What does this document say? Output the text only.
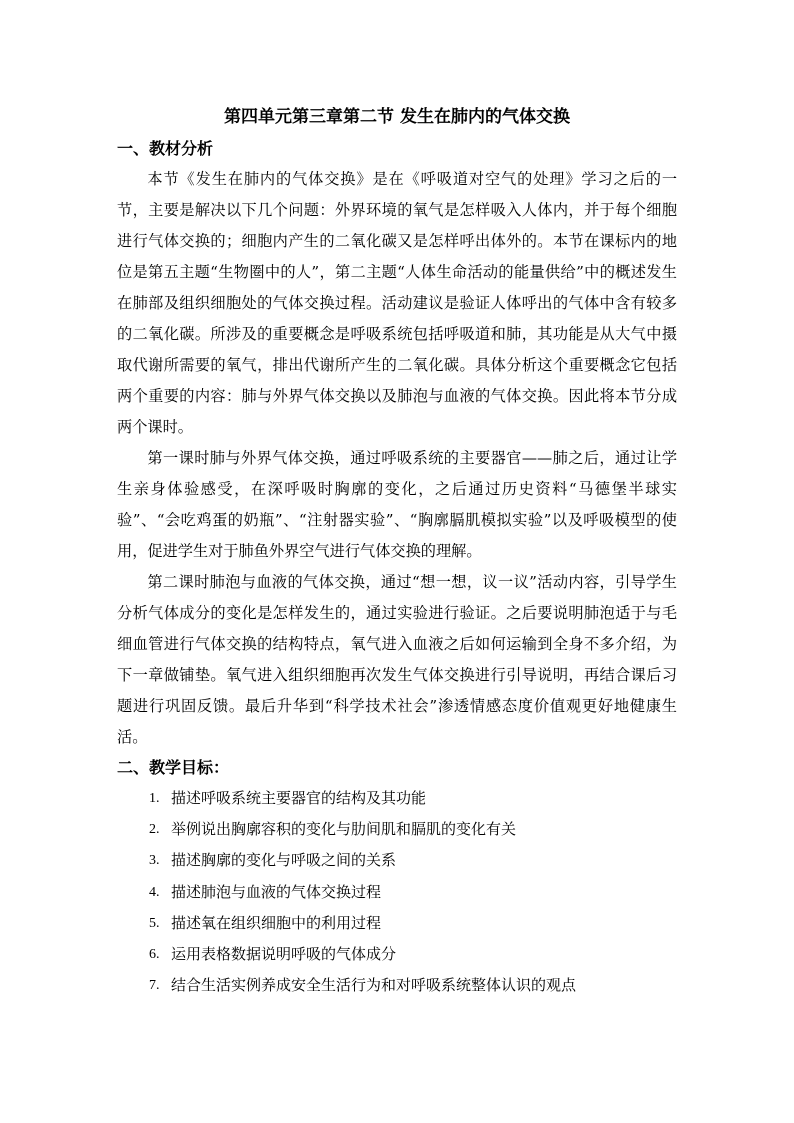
第四单元第三章第二节 发生在肺内的气体交换
一、教材分析

本节《发生在肺内的气体交换》是在《呼吸道对空气的处理》学习之后的一节，主要是解决以下几个问题：外界环境的氧气是怎样吸入人体内，并于每个细胞进行气体交换的；细胞内产生的二氧化碳又是怎样呼出体外的。本节在课标内的地位是第五主题“生物圈中的人”，第二主题“人体生命活动的能量供给”中的概述发生在肺部及组织细胞处的气体交换过程。活动建议是验证人体呼出的气体中含有较多的二氧化碳。所涉及的重要概念是呼吸系统包括呼吸道和肺，其功能是从大气中摄取代谢所需要的氧气，排出代谢所产生的二氧化碳。具体分析这个重要概念它包括两个重要的内容：肺与外界气体交换以及肺泡与血液的气体交换。因此将本节分成两个课时。

第一课时肺与外界气体交换，通过呼吸系统的主要器官——肺之后，通过让学生亲身体验感受，在深呼吸时胸廓的变化，之后通过历史资料“马德堡半球实验”、“会吃鸡蛋的奶瓶”、“注射器实验”、“胸廓膈肌模拟实验”以及呼吸模型的使用，促进学生对于肺鱼外界空气进行气体交换的理解。

第二课时肺泡与血液的气体交换，通过“想一想，议一议”活动内容，引导学生分析气体成分的变化是怎样发生的，通过实验进行验证。之后要说明肺泡适于与毛细血管进行气体交换的结构特点，氧气进入血液之后如何运输到全身不多介绍，为下一章做铺垫。氧气进入组织细胞再次发生气体交换进行引导说明，再结合课后习题进行巩固反馈。最后升华到“科学技术社会”渗透情感态度价值观更好地健康生活。

二、教学目标：
1. 描述呼吸系统主要器官的结构及其功能
2. 举例说出胸廓容积的变化与肋间肌和膈肌的变化有关
3. 描述胸廓的变化与呼吸之间的关系
4. 描述肺泡与血液的气体交换过程
5. 描述氧在组织细胞中的利用过程
6. 运用表格数据说明呼吸的气体成分
7. 结合生活实例养成安全生活行为和对呼吸系统整体认识的观点
